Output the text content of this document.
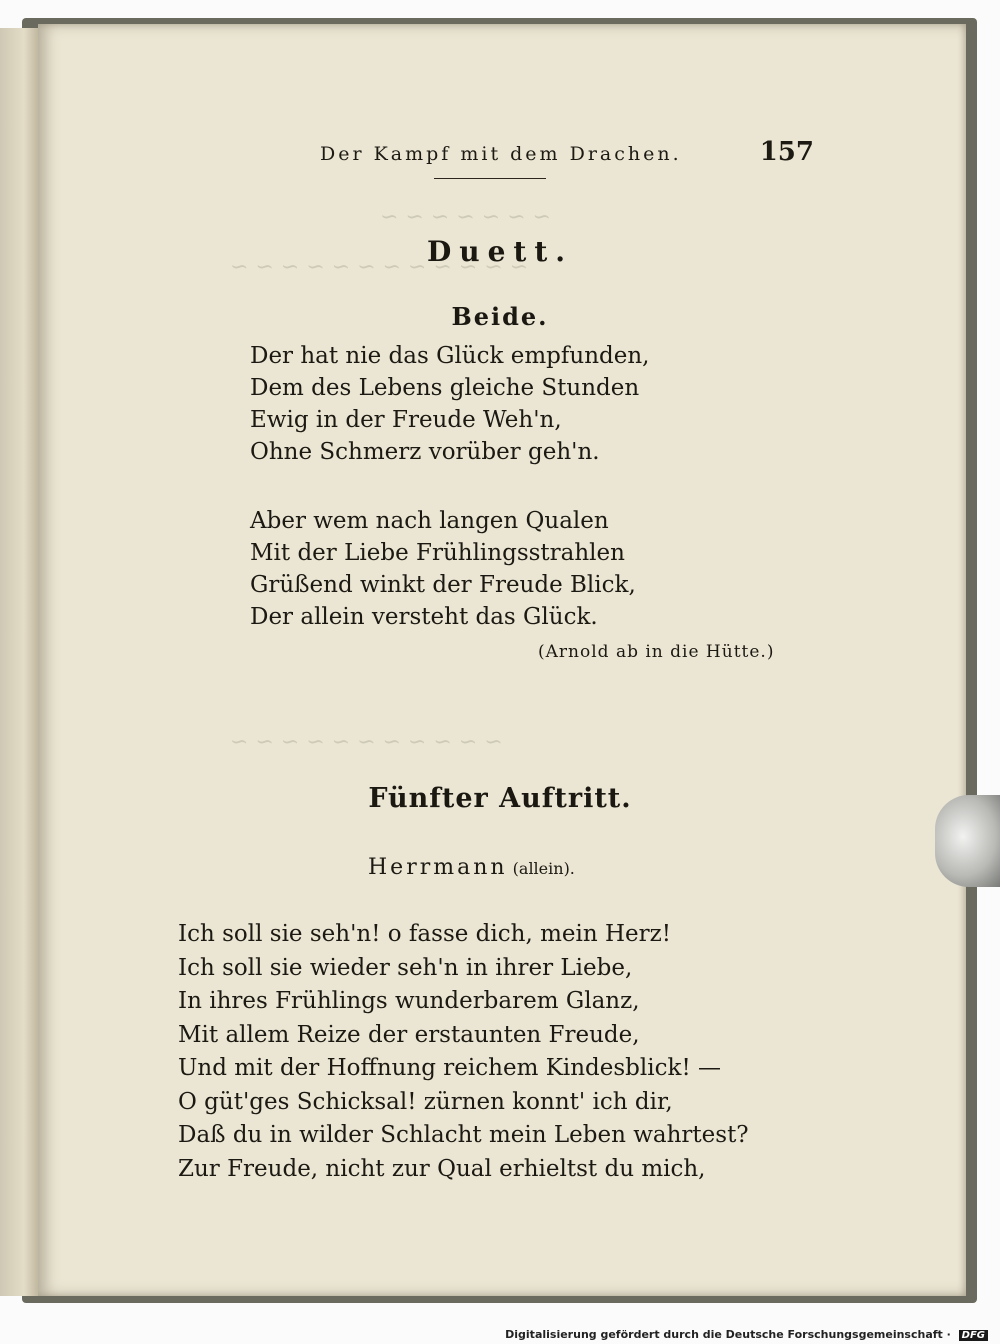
~ ~ ~ ~ ~ ~ ~
~ ~ ~ ~ ~ ~ ~ ~ ~ ~ ~ ~
~ ~ ~ ~ ~ ~ ~ ~ ~ ~ ~
Der Kampf mit dem Drachen.	157
Duett.
Beide.
Der hat nie das Glück empfunden,
Dem des Lebens gleiche Stunden
Ewig in der Freude Weh'n,
Ohne Schmerz vorüber geh'n.
Aber wem nach langen Qualen
Mit der Liebe Frühlingsstrahlen
Grüßend winkt der Freude Blick,
Der allein versteht das Glück.
(Arnold ab in die Hütte.)
Fünfter Auftritt.
Herrmann (allein).
Ich soll sie seh'n! o fasse dich, mein Herz!
Ich soll sie wieder seh'n in ihrer Liebe,
In ihres Frühlings wunderbarem Glanz,
Mit allem Reize der erstaunten Freude,
Und mit der Hoffnung reichem Kindesblick! —
O güt'ges Schicksal! zürnen konnt' ich dir,
Daß du in wilder Schlacht mein Leben wahrtest?
Zur Freude, nicht zur Qual erhieltst du mich,
Digitalisierung gefördert durch die Deutsche Forschungsgemeinschaft · DFG
